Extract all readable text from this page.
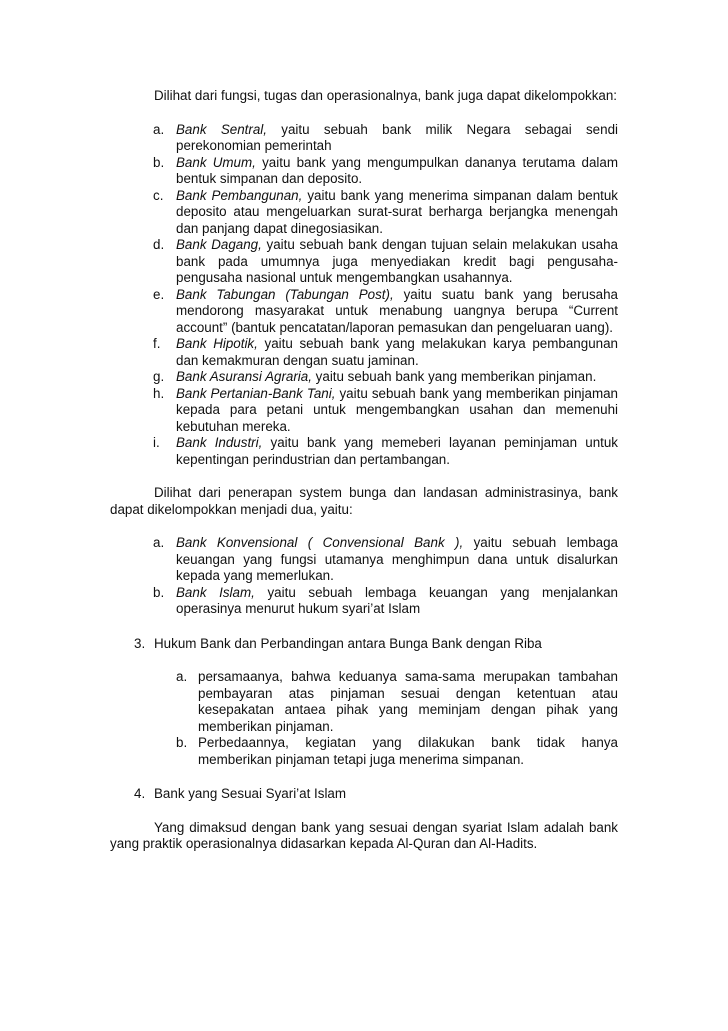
Dilihat dari fungsi, tugas dan operasionalnya, bank juga dapat dikelompokkan:

a. Bank Sentral, yaitu sebuah bank milik Negara sebagai sendi perekonomian pemerintah
b. Bank Umum, yaitu bank yang mengumpulkan dananya terutama dalam bentuk simpanan dan deposito.
c. Bank Pembangunan, yaitu bank yang menerima simpanan dalam bentuk deposito atau mengeluarkan surat-surat berharga berjangka menengah dan panjang dapat dinegosiasikan.
d. Bank Dagang, yaitu sebuah bank dengan tujuan selain melakukan usaha bank pada umumnya juga menyediakan kredit bagi pengusaha-pengusaha nasional untuk mengembangkan usahannya.
e. Bank Tabungan (Tabungan Post), yaitu suatu bank yang berusaha mendorong masyarakat untuk menabung uangnya berupa “Current account” (bantuk pencatatan/laporan pemasukan dan pengeluaran uang).
f. Bank Hipotik, yaitu sebuah bank yang melakukan karya pembangunan dan kemakmuran dengan suatu jaminan.
g. Bank Asuransi Agraria, yaitu sebuah bank yang memberikan pinjaman.
h. Bank Pertanian-Bank Tani, yaitu sebuah bank yang memberikan pinjaman kepada para petani untuk mengembangkan usahan dan memenuhi kebutuhan mereka.
i. Bank Industri, yaitu bank yang memeberi layanan peminjaman untuk kepentingan perindustrian dan pertambangan.

Dilihat dari penerapan system bunga dan landasan administrasinya, bank dapat dikelompokkan menjadi dua, yaitu:

a. Bank Konvensional ( Convensional Bank ), yaitu sebuah lembaga keuangan yang fungsi utamanya menghimpun dana untuk disalurkan kepada yang memerlukan.
b. Bank Islam, yaitu sebuah lembaga keuangan yang menjalankan operasinya menurut hukum syari’at Islam
3. Hukum Bank dan Perbandingan antara Bunga Bank dengan Riba
a. persamaanya, bahwa keduanya sama-sama merupakan tambahan pembayaran atas pinjaman sesuai dengan ketentuan atau kesepakatan antaea pihak yang meminjam dengan pihak yang memberikan pinjaman.
b. Perbedaannya, kegiatan yang dilakukan bank tidak hanya memberikan pinjaman tetapi juga menerima simpanan.
4. Bank yang Sesuai Syari’at Islam

Yang dimaksud dengan bank yang sesuai dengan syariat Islam adalah bank yang praktik operasionalnya didasarkan kepada Al-Quran dan Al-Hadits.
